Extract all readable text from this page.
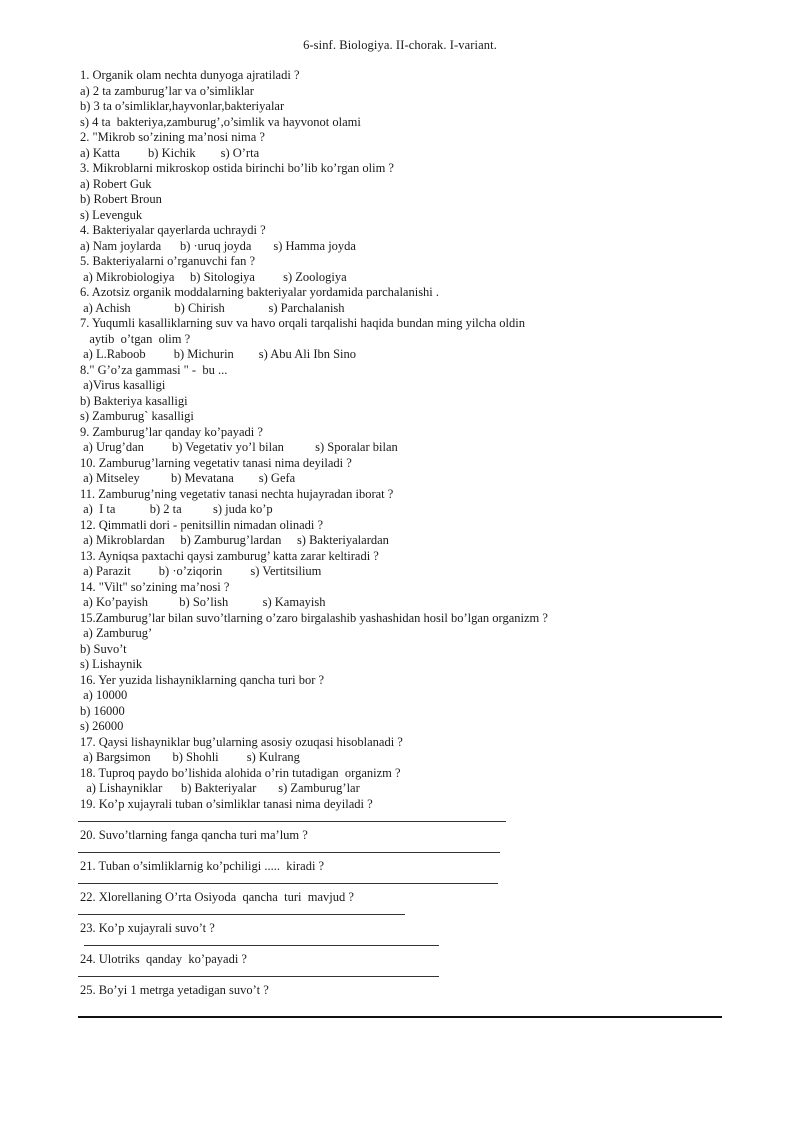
6-sinf. Biologiya. II-chorak. I-variant.
1. Organik olam nechta dunyoga ajratiladi ?
a) 2 ta zamburug’lar va o’simliklar
b) 3 ta o’simliklar,hayvonlar,bakteriyalar
s) 4 ta  bakteriya,zamburug’,o’simlik va hayvonot olami
2. "Mikrob so’zining ma’nosi nima ?
a) Katta         b) Kichik        s) O’rta
3. Mikroblarni mikroskop ostida birinchi bo’lib ko’rgan olim ?
a) Robert Guk
b) Robert Broun
s) Levenguk
4. Bakteriyalar qayerlarda uchraydi ?
a) Nam joylarda      b) ·uruq joyda       s) Hamma joyda
5. Bakteriyalarni o’rganuvchi fan ?
a) Mikrobiologiya     b) Sitologiya         s) Zoologiya
6. Azotsiz organik moddalarning bakteriyalar yordamida parchalanishi .
a) Achish              b) Chirish              s) Parchalanish
7. Yuqumli kasalliklarning suv va havo orqali tarqalishi haqida bundan ming yilcha oldin
aytib  o’tgan  olim ?
a) L.Raboob         b) Michurin        s) Abu Ali Ibn Sino
8." G’o’za gammasi " -  bu ...
a)Virus kasalligi
b) Bakteriya kasalligi
s) Zamburug` kasalligi
9. Zamburug’lar qanday ko’payadi ?
a) Urug’dan         b) Vegetativ yo’l bilan          s) Sporalar bilan
10. Zamburug’larning vegetativ tanasi nima deyiladi ?
a) Mitseley          b) Mevatana        s) Gefa
11. Zamburug’ning vegetativ tanasi nechta hujayradan iborat ?
a)  I ta           b) 2 ta          s) juda ko’p
12. Qimmatli dori - penitsillin nimadan olinadi ?
a) Mikroblardan     b) Zamburug’lardan     s) Bakteriyalardan
13. Ayniqsa paxtachi qaysi zamburug’ katta zarar keltiradi ?
a) Parazit         b) ·o’ziqorin         s) Vertitsilium
14. "Vilt" so’zining ma’nosi ?
a) Ko’payish          b) So’lish           s) Kamayish
15.Zamburug’lar bilan suvo’tlarning o’zaro birgalashib yashashidan hosil bo’lgan organizm ?
a) Zamburug’
b) Suvo’t
s) Lishaynik
16. Yer yuzida lishayniklarning qancha turi bor ?
a) 10000
b) 16000
s) 26000
17. Qaysi lishayniklar bug’ularning asosiy ozuqasi hisoblanadi ?
a) Bargsimon       b) Shohli         s) Kulrang
18. Tuproq paydo bo’lishida alohida o’rin tutadigan  organizm ?
a) Lishayniklar      b) Bakteriyalar       s) Zamburug’lar
19. Ko’p xujayrali tuban o’simliklar tanasi nima deyiladi ?
20. Suvo’tlarning fanga qancha turi ma’lum ?
21. Tuban o’simliklarnig ko’pchiligi .....  kiradi ?
22. Xlorellaning O’rta Osiyoda  qancha  turi  mavjud ?
23. Ko’p xujayrali suvo’t ?
24. Ulotriks  qanday  ko’payadi ?
25. Bo’yi 1 metrga yetadigan suvo’t ?
